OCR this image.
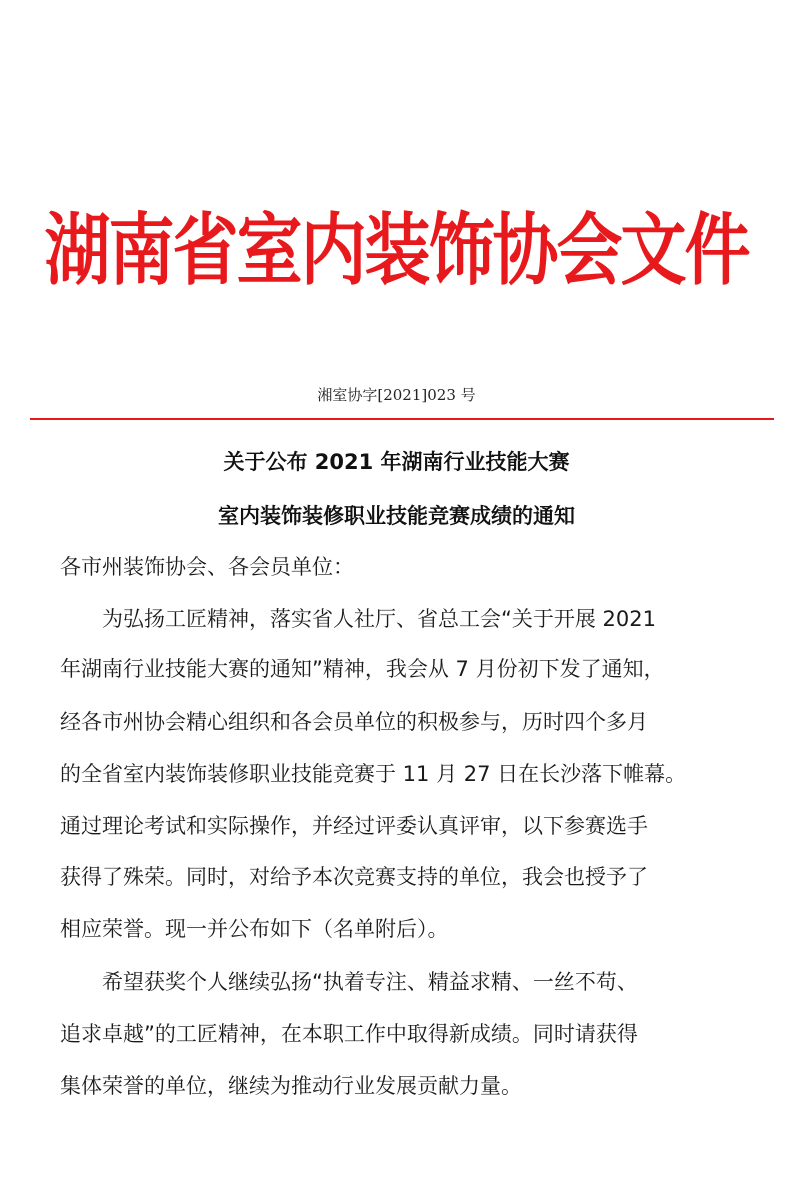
湖南省室内装饰协会文件
湘室协字[2021]023 号
关于公布 2021 年湖南行业技能大赛
室内装饰装修职业技能竞赛成绩的通知
各市州装饰协会、各会员单位：
　　为弘扬工匠精神，落实省人社厅、省总工会“关于开展 2021
年湖南行业技能大赛的通知”精神，我会从 7 月份初下发了通知，
经各市州协会精心组织和各会员单位的积极参与，历时四个多月
的全省室内装饰装修职业技能竞赛于 11 月 27 日在长沙落下帷幕。
通过理论考试和实际操作，并经过评委认真评审，以下参赛选手
获得了殊荣。同时，对给予本次竞赛支持的单位，我会也授予了
相应荣誉。现一并公布如下（名单附后）。
　　希望获奖个人继续弘扬“执着专注、精益求精、一丝不苟、
追求卓越”的工匠精神，在本职工作中取得新成绩。同时请获得
集体荣誉的单位，继续为推动行业发展贡献力量。
